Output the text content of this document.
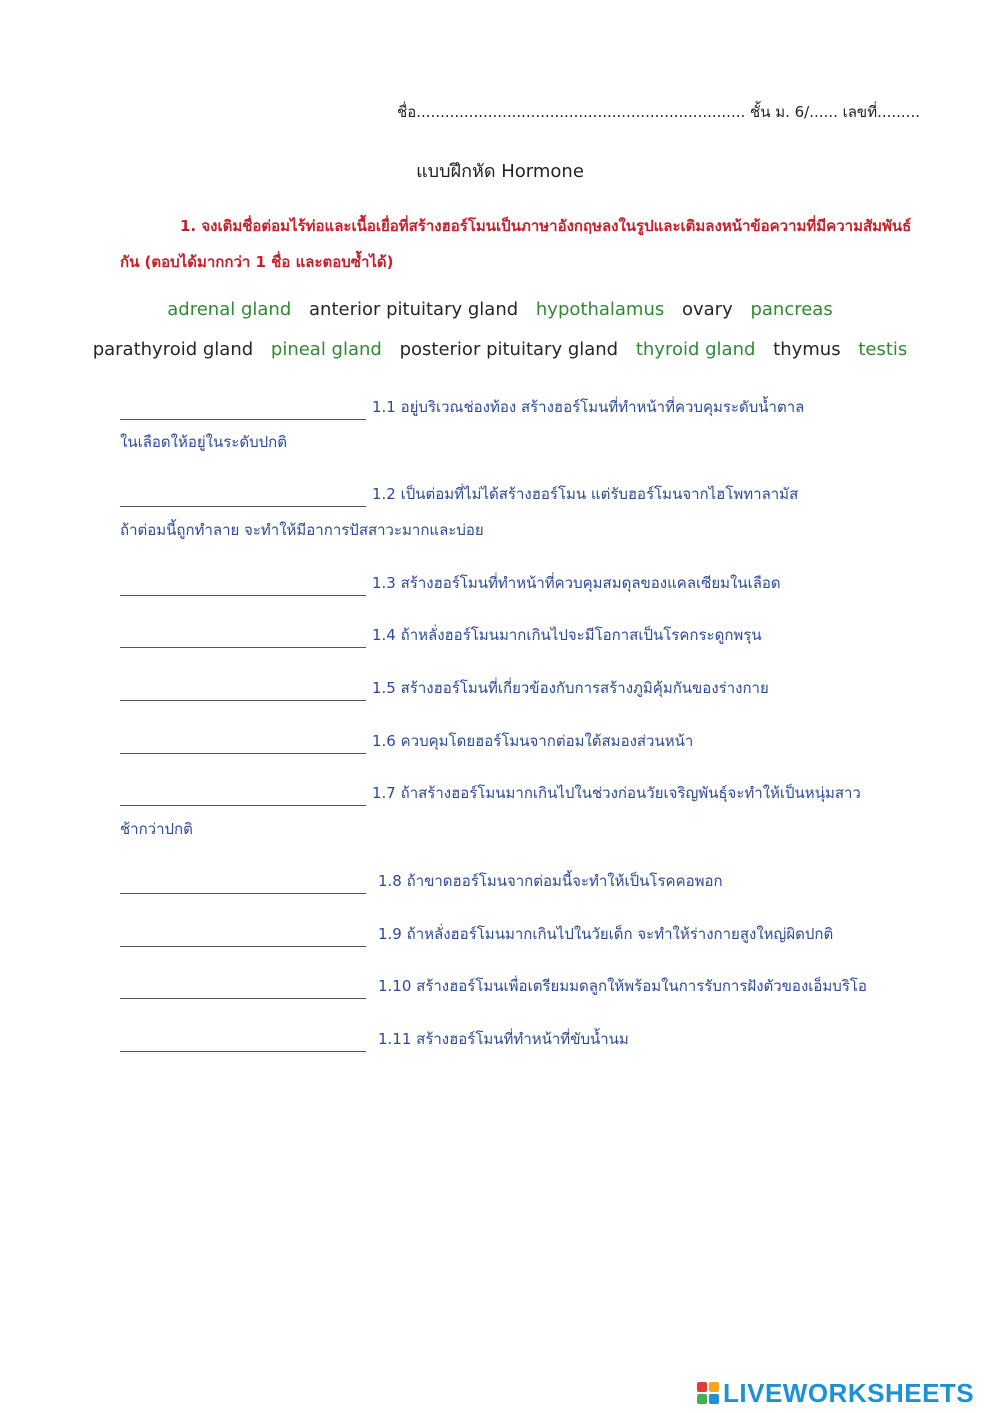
ชื่อ..................................................................... ชั้น ม. 6/...... เลขที่.........
แบบฝึกหัด Hormone
1. จงเติมชื่อต่อมไร้ท่อและเนื้อเยื่อที่สร้างฮอร์โมนเป็นภาษาอังกฤษลงในรูปและเติมลงหน้าข้อความที่มีความสัมพันธ์กัน (ตอบได้มากกว่า 1 ชื่อ และตอบซ้ำได้)
adrenal gland anterior pituitary gland hypothalamus ovary pancreas
parathyroid gland pineal gland posterior pituitary gland thyroid gland thymus testis
1.1 อยู่บริเวณช่องท้อง สร้างฮอร์โมนที่ทำหน้าที่ควบคุมระดับน้ำตาล
ในเลือดให้อยู่ในระดับปกติ
1.2 เป็นต่อมที่ไม่ได้สร้างฮอร์โมน แต่รับฮอร์โมนจากไฮโพทาลามัส
ถ้าต่อมนี้ถูกทำลาย จะทำให้มีอาการปัสสาวะมากและบ่อย
1.3 สร้างฮอร์โมนที่ทำหน้าที่ควบคุมสมดุลของแคลเซียมในเลือด
1.4 ถ้าหลั่งฮอร์โมนมากเกินไปจะมีโอกาสเป็นโรคกระดูกพรุน
1.5 สร้างฮอร์โมนที่เกี่ยวข้องกับการสร้างภูมิคุ้มกันของร่างกาย
1.6 ควบคุมโดยฮอร์โมนจากต่อมใต้สมองส่วนหน้า
1.7 ถ้าสร้างฮอร์โมนมากเกินไปในช่วงก่อนวัยเจริญพันธุ์จะทำให้เป็นหนุ่มสาว
ช้ากว่าปกติ
1.8 ถ้าขาดฮอร์โมนจากต่อมนี้จะทำให้เป็นโรคคอพอก
1.9 ถ้าหลั่งฮอร์โมนมากเกินไปในวัยเด็ก จะทำให้ร่างกายสูงใหญ่ผิดปกติ
1.10 สร้างฮอร์โมนเพื่อเตรียมมดลูกให้พร้อมในการรับการฝังตัวของเอ็มบริโอ
1.11 สร้างฮอร์โมนที่ทำหน้าที่ขับน้ำนม
LIVEWORKSHEETS
